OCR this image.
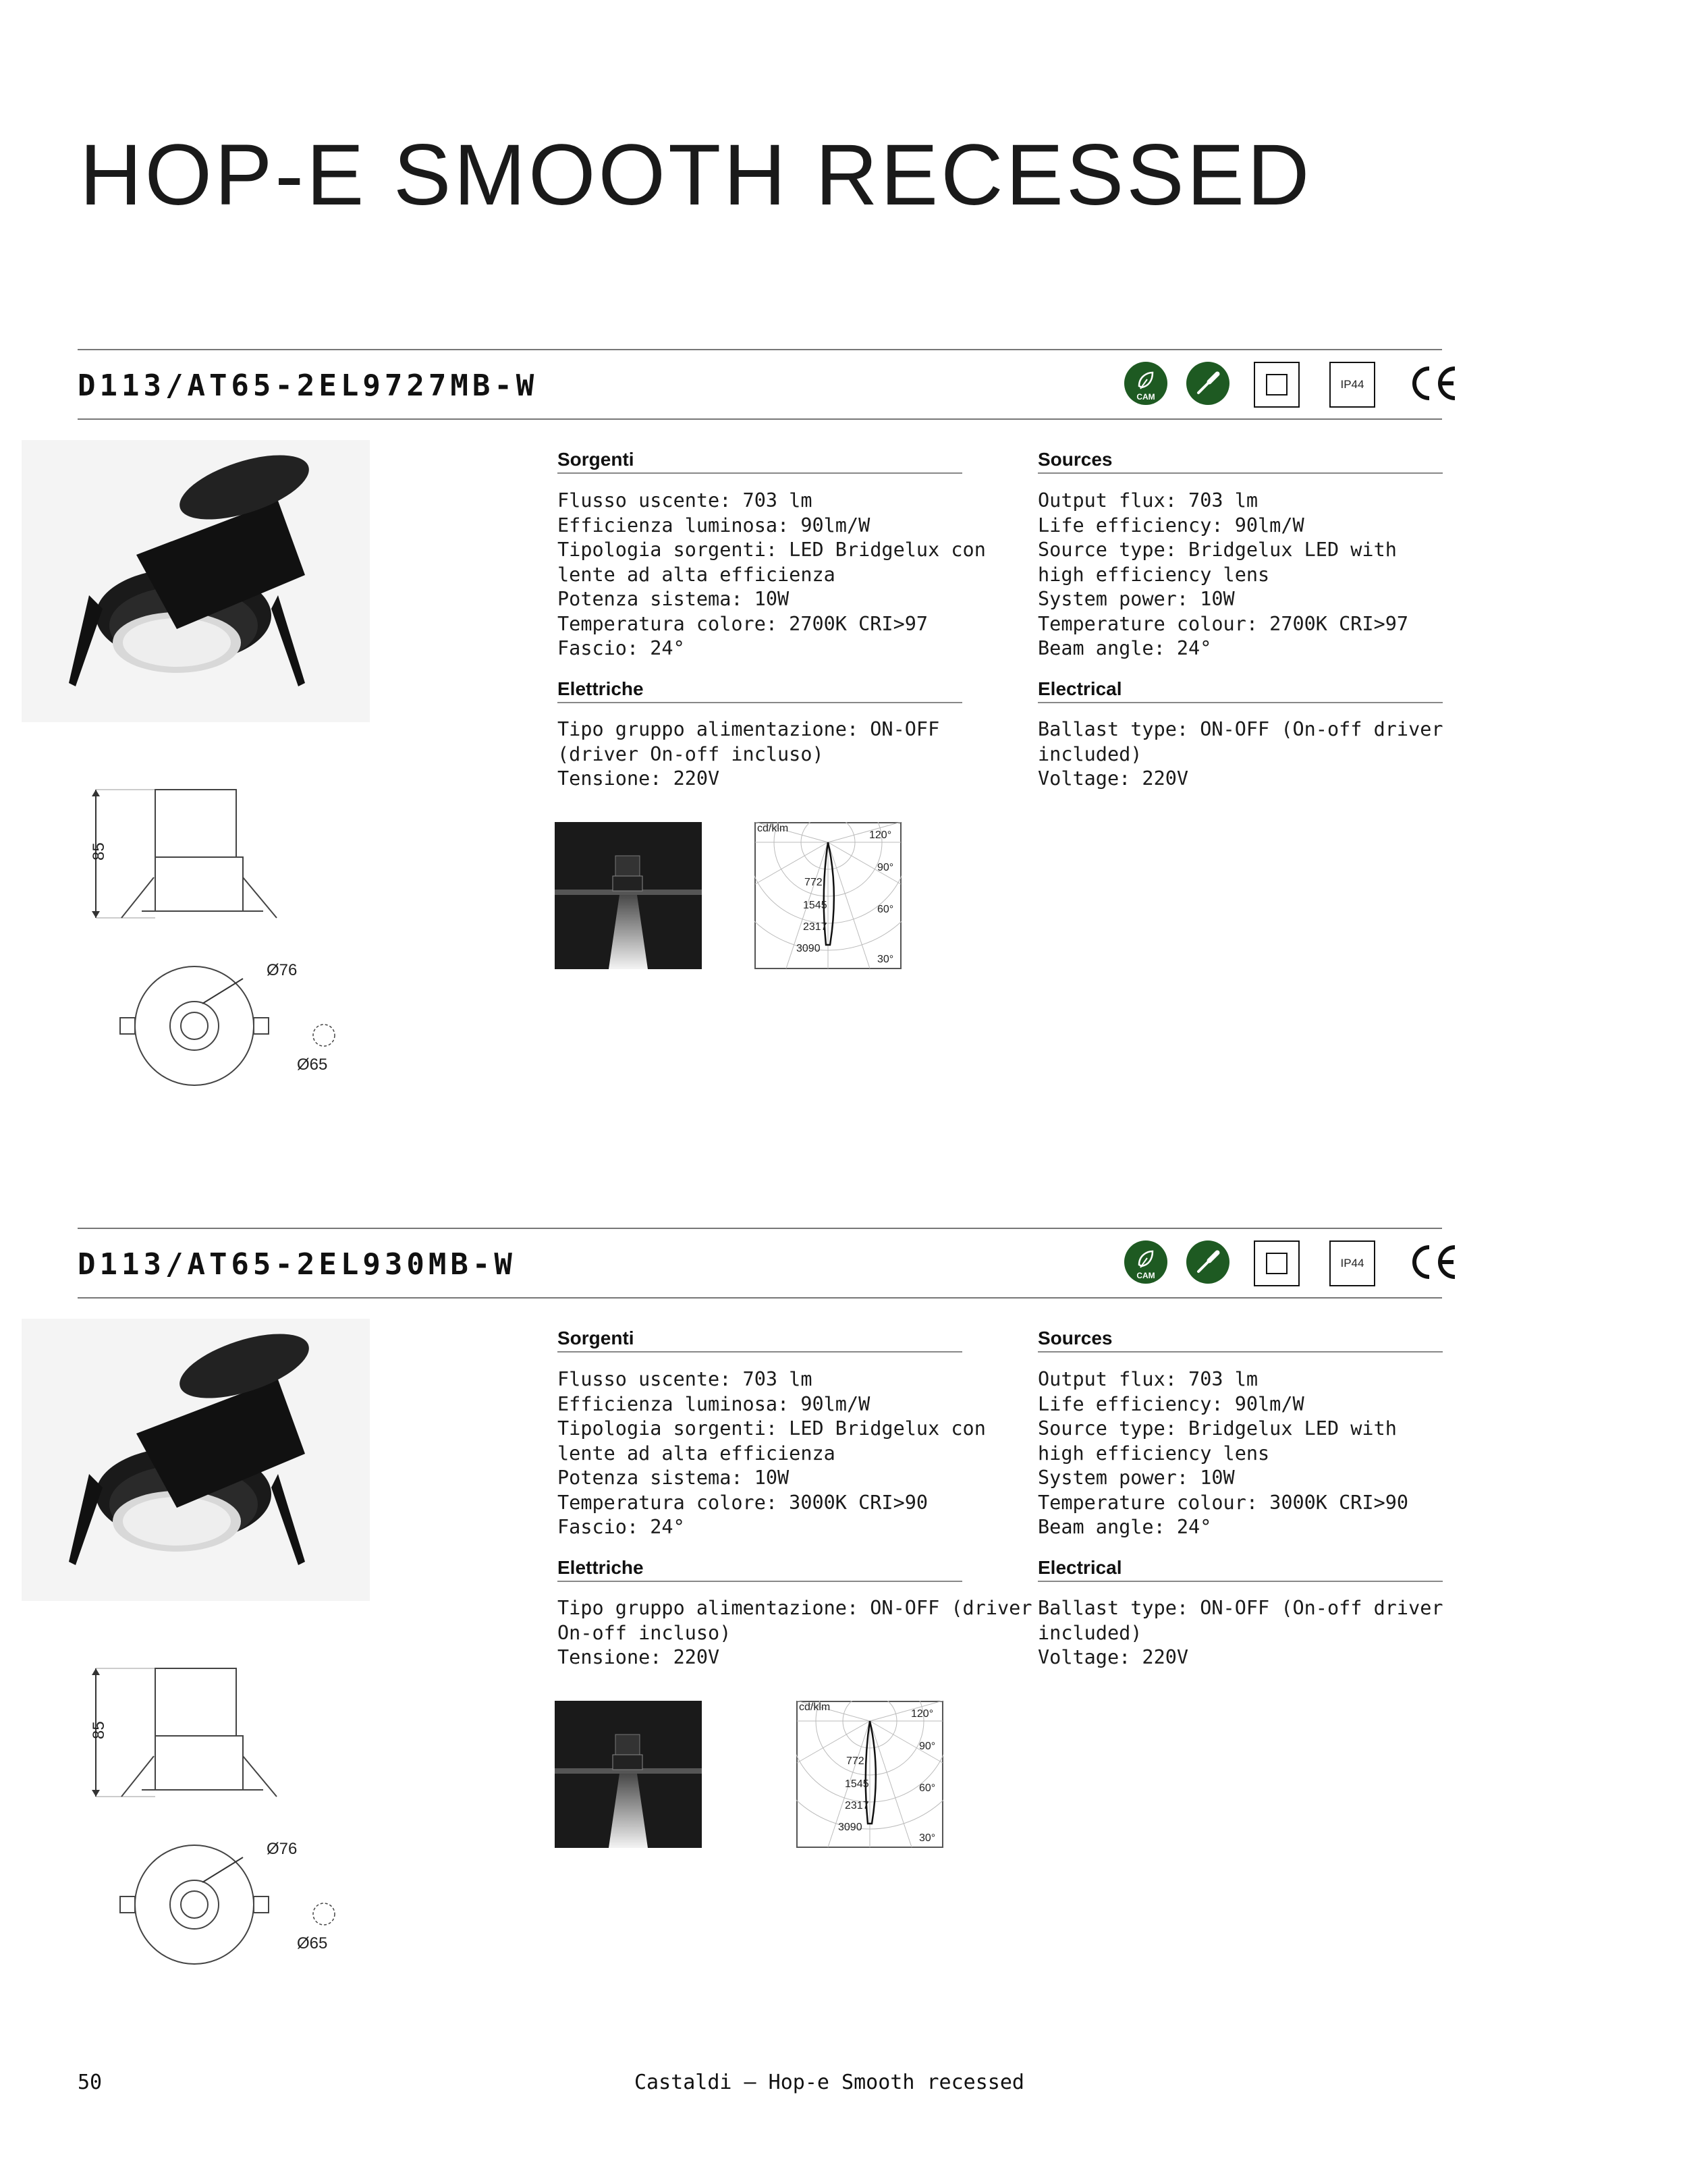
HOP-E SMOOTH RECESSED
D113/AT65-2EL9727MB-W	CAM
IP44
85
Ø76
Ø65
Sorgenti
Flusso uscente: 703 lm
Efficienza luminosa: 90lm/W
Tipologia sorgenti: LED Bridgelux con
lente ad alta efficienza
Potenza sistema: 10W
Temperatura colore: 2700K CRI>97
Fascio: 24°
Elettriche
Tipo gruppo alimentazione: ON-OFF
(driver On-off incluso)
Tensione: 220V
Sources
Output flux: 703 lm
Life efficiency: 90lm/W
Source type: Bridgelux LED with
high efficiency lens
System power: 10W
Temperature colour: 2700K CRI>97
Beam angle: 24°
Electrical
Ballast type: ON-OFF (On-off driver
included)
Voltage: 220V
cd/klm
120°
90°
60°
30°
772
1545
2317
3090
D113/AT65-2EL930MB-W	CAM
IP44
85
Ø76
Ø65
Sorgenti
Flusso uscente: 703 lm
Efficienza luminosa: 90lm/W
Tipologia sorgenti: LED Bridgelux con
lente ad alta efficienza
Potenza sistema: 10W
Temperatura colore: 3000K CRI>90
Fascio: 24°
Elettriche
Tipo gruppo alimentazione: ON-OFF (driver
On-off incluso)
Tensione: 220V
Sources
Output flux: 703 lm
Life efficiency: 90lm/W
Source type: Bridgelux LED with
high efficiency lens
System power: 10W
Temperature colour: 3000K CRI>90
Beam angle: 24°
Electrical
Ballast type: ON-OFF (On-off driver
included)
Voltage: 220V
cd/klm
120°
90°
60°
30°
772
1545
2317
3090
50	Castaldi — Hop-e Smooth recessed
